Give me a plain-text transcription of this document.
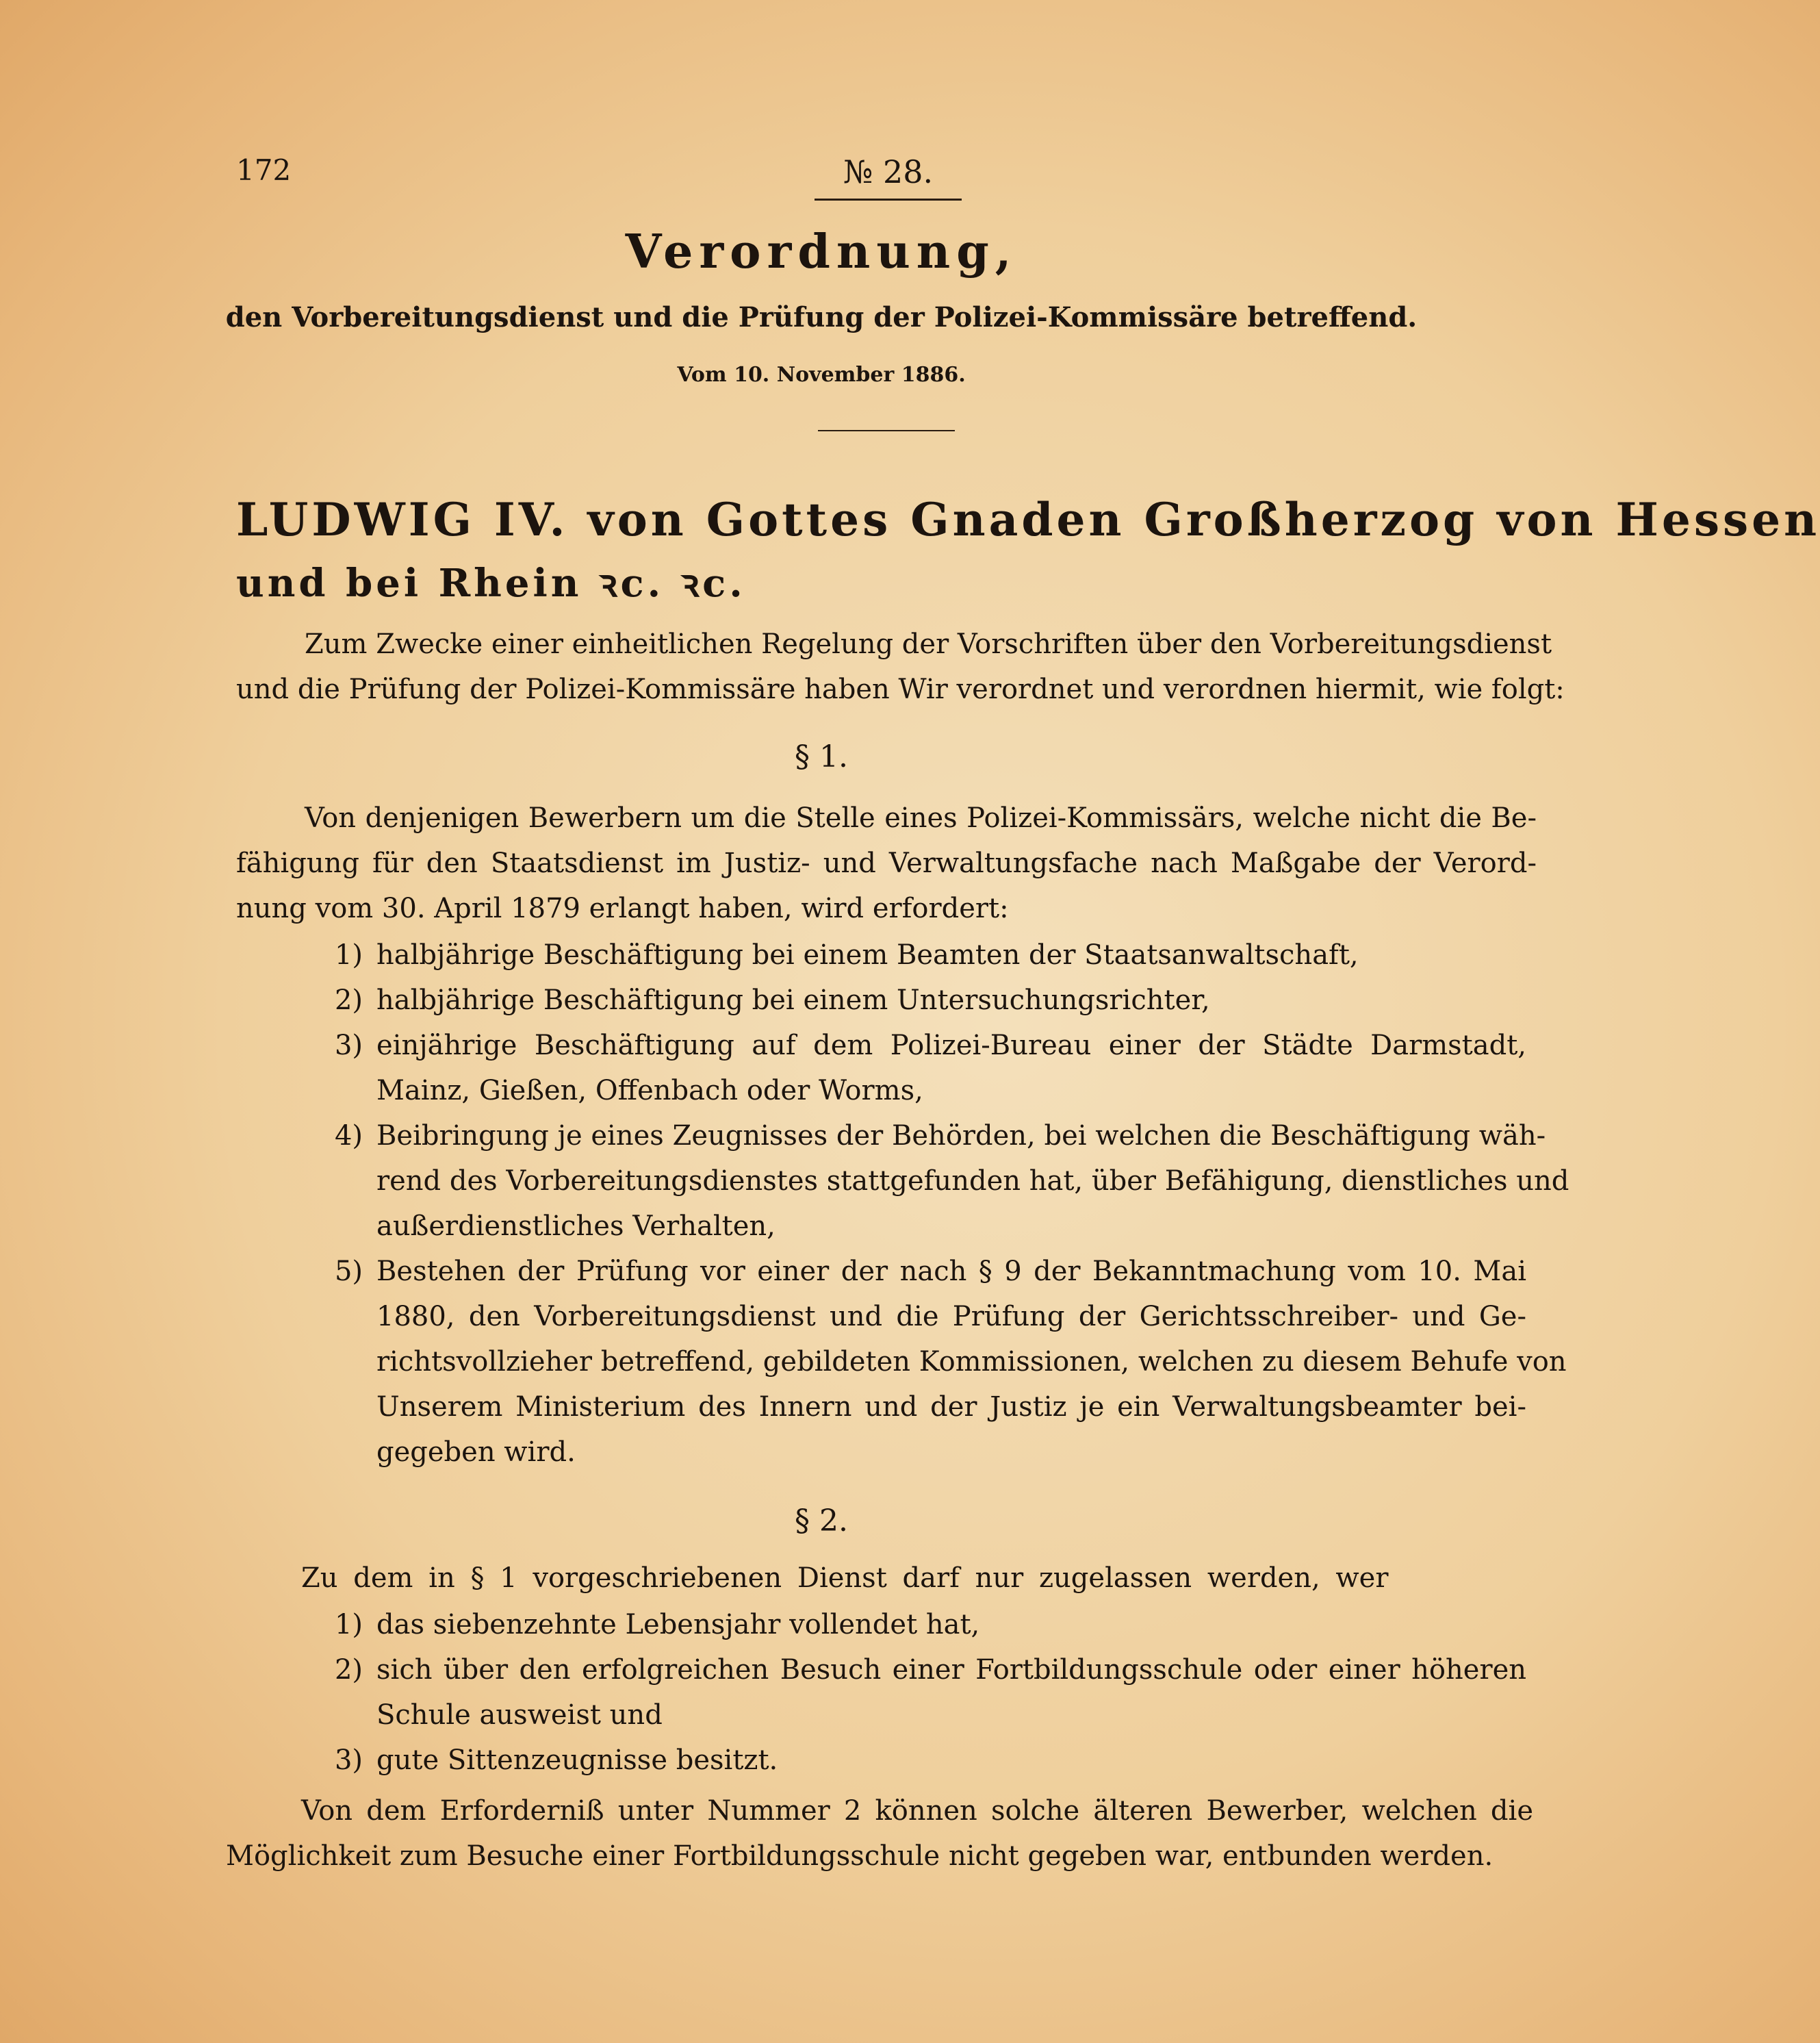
172	№ 28.
Verordnung,
den Vorbereitungsdienst und die Prüfung der Polizei-Kommissäre betreffend.
Vom 10. November 1886.
LUDWIG IV. von Gottes Gnaden Großherzog von Hessen
und bei Rhein ꝛc. ꝛc.
Zum Zwecke einer einheitlichen Regelung der Vorschriften über den Vorbereitungsdienst
und die Prüfung der Polizei-Kommissäre haben Wir verordnet und verordnen hiermit, wie folgt:
§ 1.
Von denjenigen Bewerbern um die Stelle eines Polizei-Kommissärs, welche nicht die Be-
fähigung für den Staatsdienst im Justiz- und Verwaltungsfache nach Maßgabe der Verord-
nung vom 30. April 1879 erlangt haben, wird erfordert:
1) halbjährige Beschäftigung bei einem Beamten der Staatsanwaltschaft,
2) halbjährige Beschäftigung bei einem Untersuchungsrichter,
3) einjährige Beschäftigung auf dem Polizei-Bureau einer der Städte Darmstadt,
Mainz, Gießen, Offenbach oder Worms,
4) Beibringung je eines Zeugnisses der Behörden, bei welchen die Beschäftigung wäh-
rend des Vorbereitungsdienstes stattgefunden hat, über Befähigung, dienstliches und
außerdienstliches Verhalten,
5) Bestehen der Prüfung vor einer der nach § 9 der Bekanntmachung vom 10. Mai
1880, den Vorbereitungsdienst und die Prüfung der Gerichtsschreiber- und Ge-
richtsvollzieher betreffend, gebildeten Kommissionen, welchen zu diesem Behufe von
Unserem Ministerium des Innern und der Justiz je ein Verwaltungsbeamter bei-
gegeben wird.
§ 2.
Zu dem in § 1 vorgeschriebenen Dienst darf nur zugelassen werden, wer
1) das siebenzehnte Lebensjahr vollendet hat,
2) sich über den erfolgreichen Besuch einer Fortbildungsschule oder einer höheren
Schule ausweist und
3) gute Sittenzeugnisse besitzt.
Von dem Erforderniß unter Nummer 2 können solche älteren Bewerber, welchen die
Möglichkeit zum Besuche einer Fortbildungsschule nicht gegeben war, entbunden werden.
